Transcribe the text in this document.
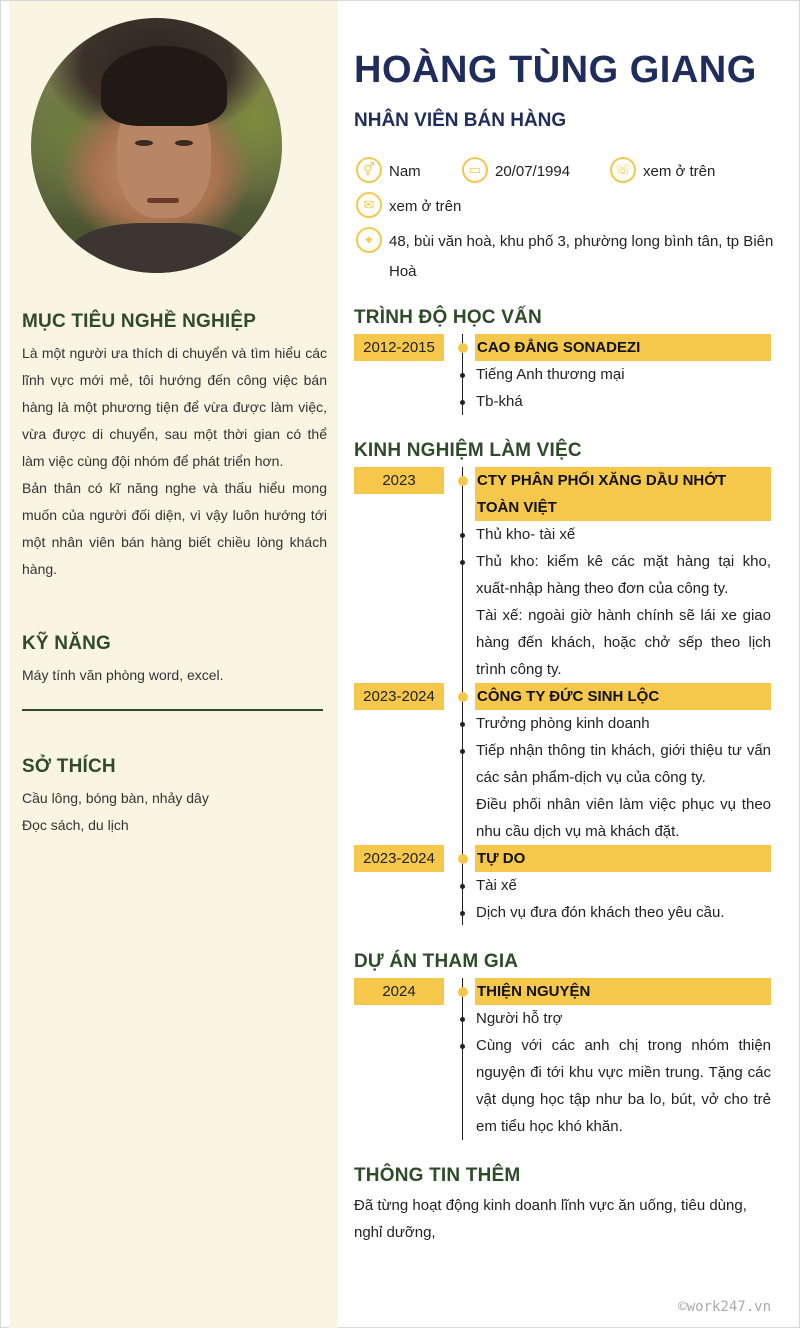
MỤC TIÊU NGHỀ NGHIỆP
Là một người ưa thích di chuyển và tìm hiểu các lĩnh vực mới mẻ, tôi hướng đến công việc bán hàng là một phương tiện để vừa được làm việc, vừa được di chuyển, sau một thời gian có thể làm việc cùng đội nhóm để phát triển hơn.
Bản thân có kĩ năng nghe và thấu hiểu mong muốn của người đối diện, vì vậy luôn hướng tới một nhân viên bán hàng biết chiều lòng khách hàng.
KỸ NĂNG
Máy tính văn phòng word, excel.
SỞ THÍCH
Cầu lông, bóng bàn, nhảy dây
Đọc sách, du lịch
HOÀNG TÙNG GIANG
NHÂN VIÊN BÁN HÀNG
⚥ Nam	▭ 20/07/1994	☏ xem ở trên
✉ xem ở trên
⌖	48, bùi văn hoà, khu phố 3, phường long bình tân, tp Biên Hoà
TRÌNH ĐỘ HỌC VẤN
2012-2015	CAO ĐẲNG SONADEZI
Tiếng Anh thương mại
Tb-khá
KINH NGHIỆM LÀM VIỆC
2023	CTY PHÂN PHỐI XĂNG DẦU NHỚT TOÀN VIỆT
Thủ kho- tài xế
Thủ kho: kiểm kê các mặt hàng tại kho, xuất-nhập hàng theo đơn của công ty.
Tài xế: ngoài giờ hành chính sẽ lái xe giao hàng đến khách, hoặc chở sếp theo lịch trình công ty.
2023-2024	CÔNG TY ĐỨC SINH LỘC
Trưởng phòng kinh doanh
Tiếp nhận thông tin khách, giới thiệu tư vấn các sản phẩm-dịch vụ của công ty.
Điều phối nhân viên làm việc phục vụ theo nhu cầu dịch vụ mà khách đặt.
2023-2024	TỰ DO
Tài xế
Dịch vụ đưa đón khách theo yêu cầu.
DỰ ÁN THAM GIA
2024	THIỆN NGUYỆN
Người hỗ trợ
Cùng với các anh chị trong nhóm thiện nguyện đi tới khu vực miền trung. Tặng các vật dụng học tập như ba lo, bút, vở cho trẻ em tiểu học khó khăn.
THÔNG TIN THÊM
Đã từng hoạt động kinh doanh lĩnh vực ăn uống, tiêu dùng, nghỉ dưỡng,
©work247.vn
